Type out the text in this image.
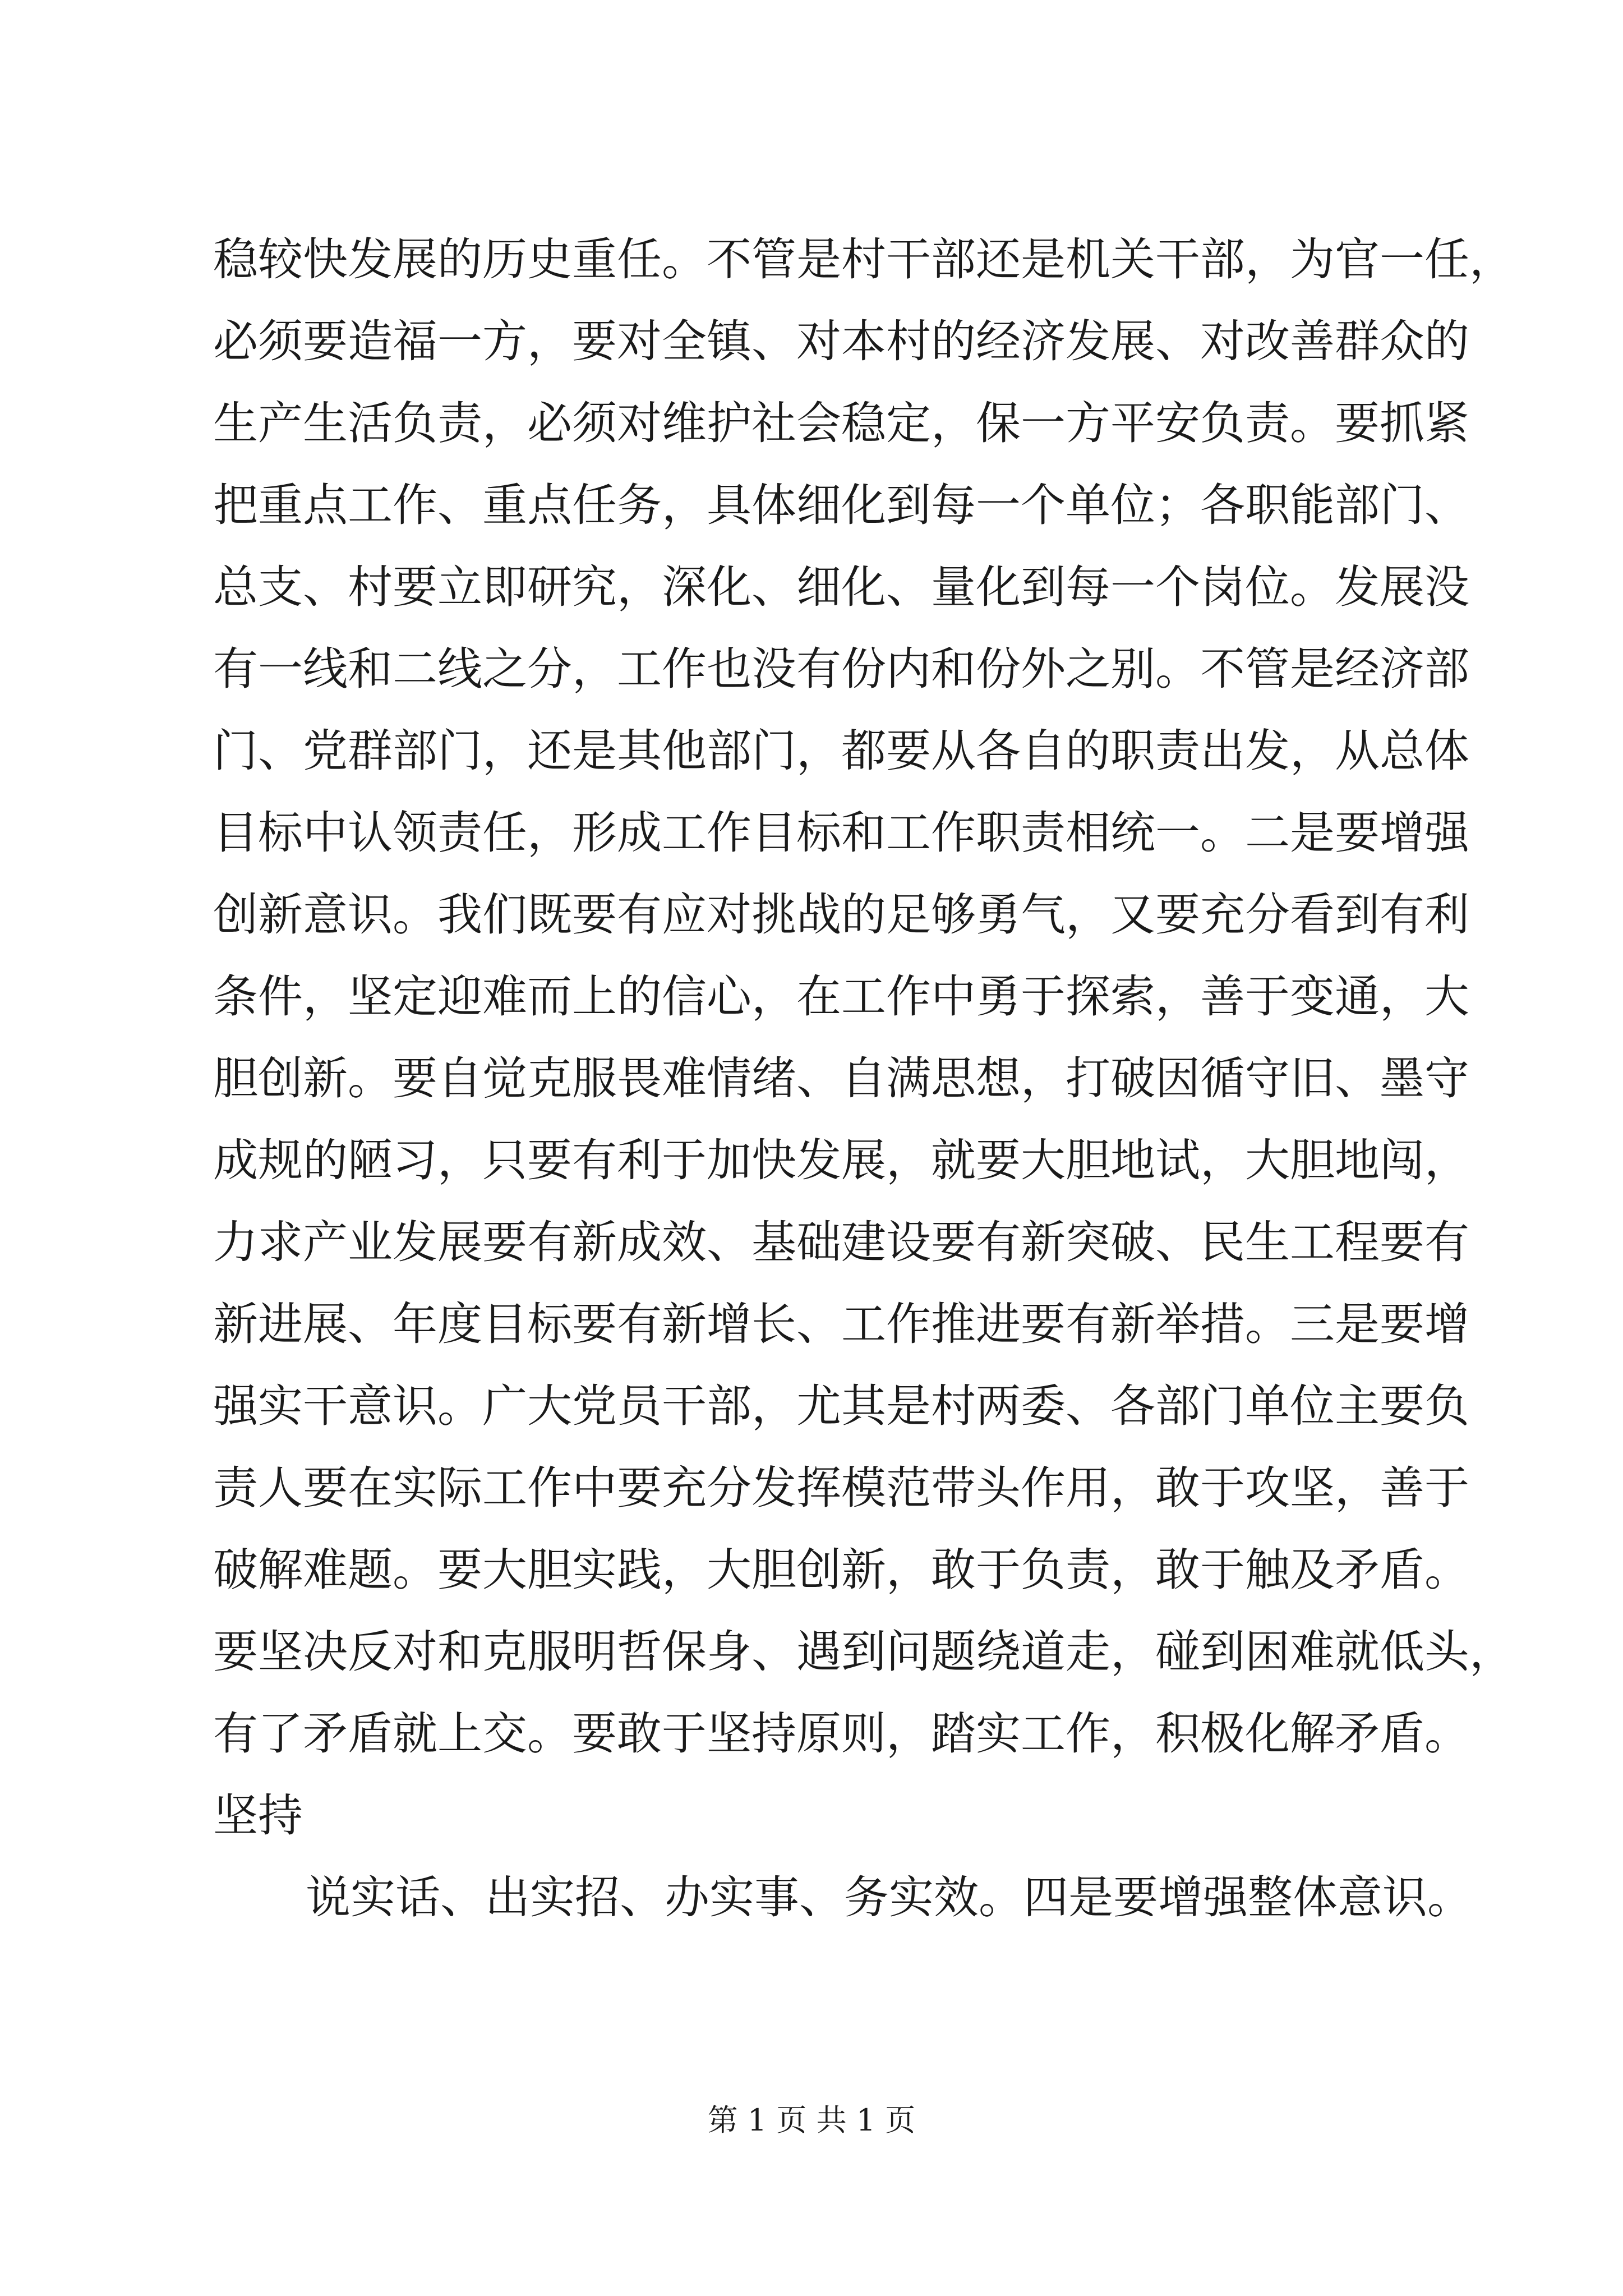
稳较快发展的历史重任。不管是村干部还是机关干部，为官一任，
必须要造福一方，要对全镇、对本村的经济发展、对改善群众的
生产生活负责，必须对维护社会稳定，保一方平安负责。要抓紧
把重点工作、重点任务，具体细化到每一个单位；各职能部门、
总支、村要立即研究，深化、细化、量化到每一个岗位。发展没
有一线和二线之分，工作也没有份内和份外之别。不管是经济部
门、党群部门，还是其他部门，都要从各自的职责出发，从总体
目标中认领责任，形成工作目标和工作职责相统一。二是要增强
创新意识。我们既要有应对挑战的足够勇气，又要充分看到有利
条件，坚定迎难而上的信心，在工作中勇于探索，善于变通，大
胆创新。要自觉克服畏难情绪、自满思想，打破因循守旧、墨守
成规的陋习，只要有利于加快发展，就要大胆地试，大胆地闯，
力求产业发展要有新成效、基础建设要有新突破、民生工程要有
新进展、年度目标要有新增长、工作推进要有新举措。三是要增
强实干意识。广大党员干部，尤其是村两委、各部门单位主要负
责人要在实际工作中要充分发挥模范带头作用，敢于攻坚，善于
破解难题。要大胆实践，大胆创新，敢于负责，敢于触及矛盾。
要坚决反对和克服明哲保身、遇到问题绕道走，碰到困难就低头，
有了矛盾就上交。要敢于坚持原则，踏实工作，积极化解矛盾。
坚持
说实话、出实招、办实事、务实效。四是要增强整体意识。
第 1 页 共 1 页
